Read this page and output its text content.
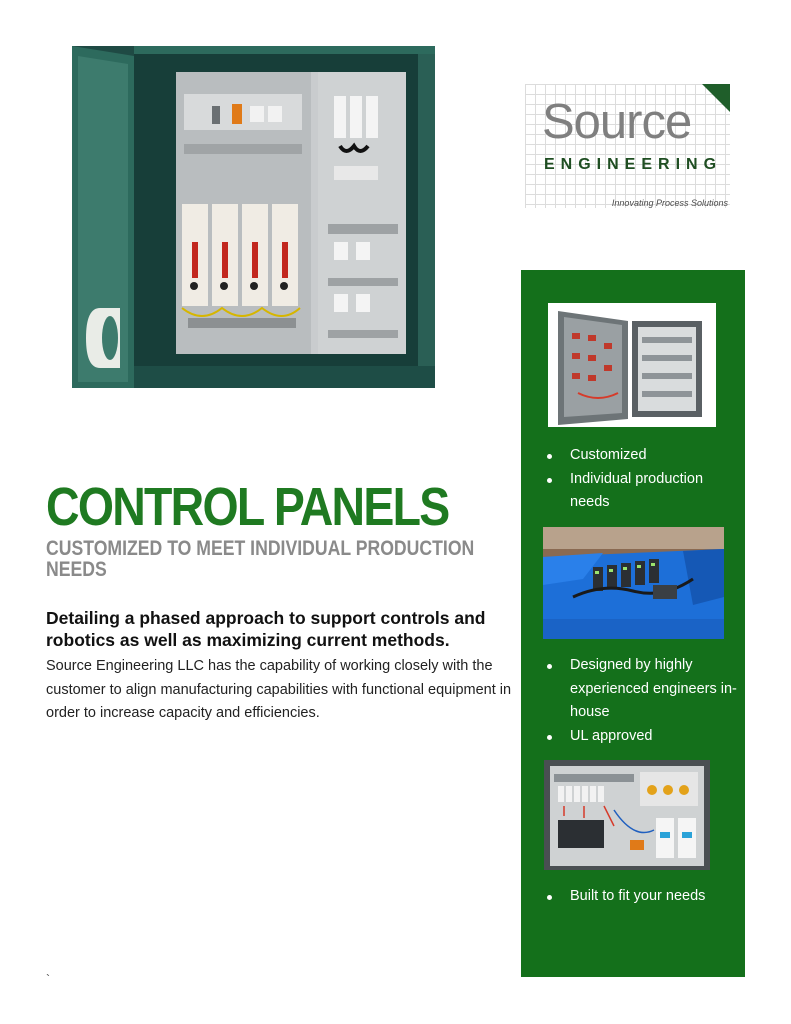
Source
ENGINEERING
Innovating Process Solutions
CONTROL PANELS
CUSTOMIZED TO MEET INDIVIDUAL PRODUCTION NEEDS
Detailing a phased approach to support controls and robotics as well as maximizing current methods.
Source Engineering LLC has the capability of working closely with the customer to align manufacturing capabilities with functional equipment in order to increase capacity and efficiencies.
`
Customized
Individual production needs
Designed by highly experienced engineers in-house
UL approved
Built to fit your needs
